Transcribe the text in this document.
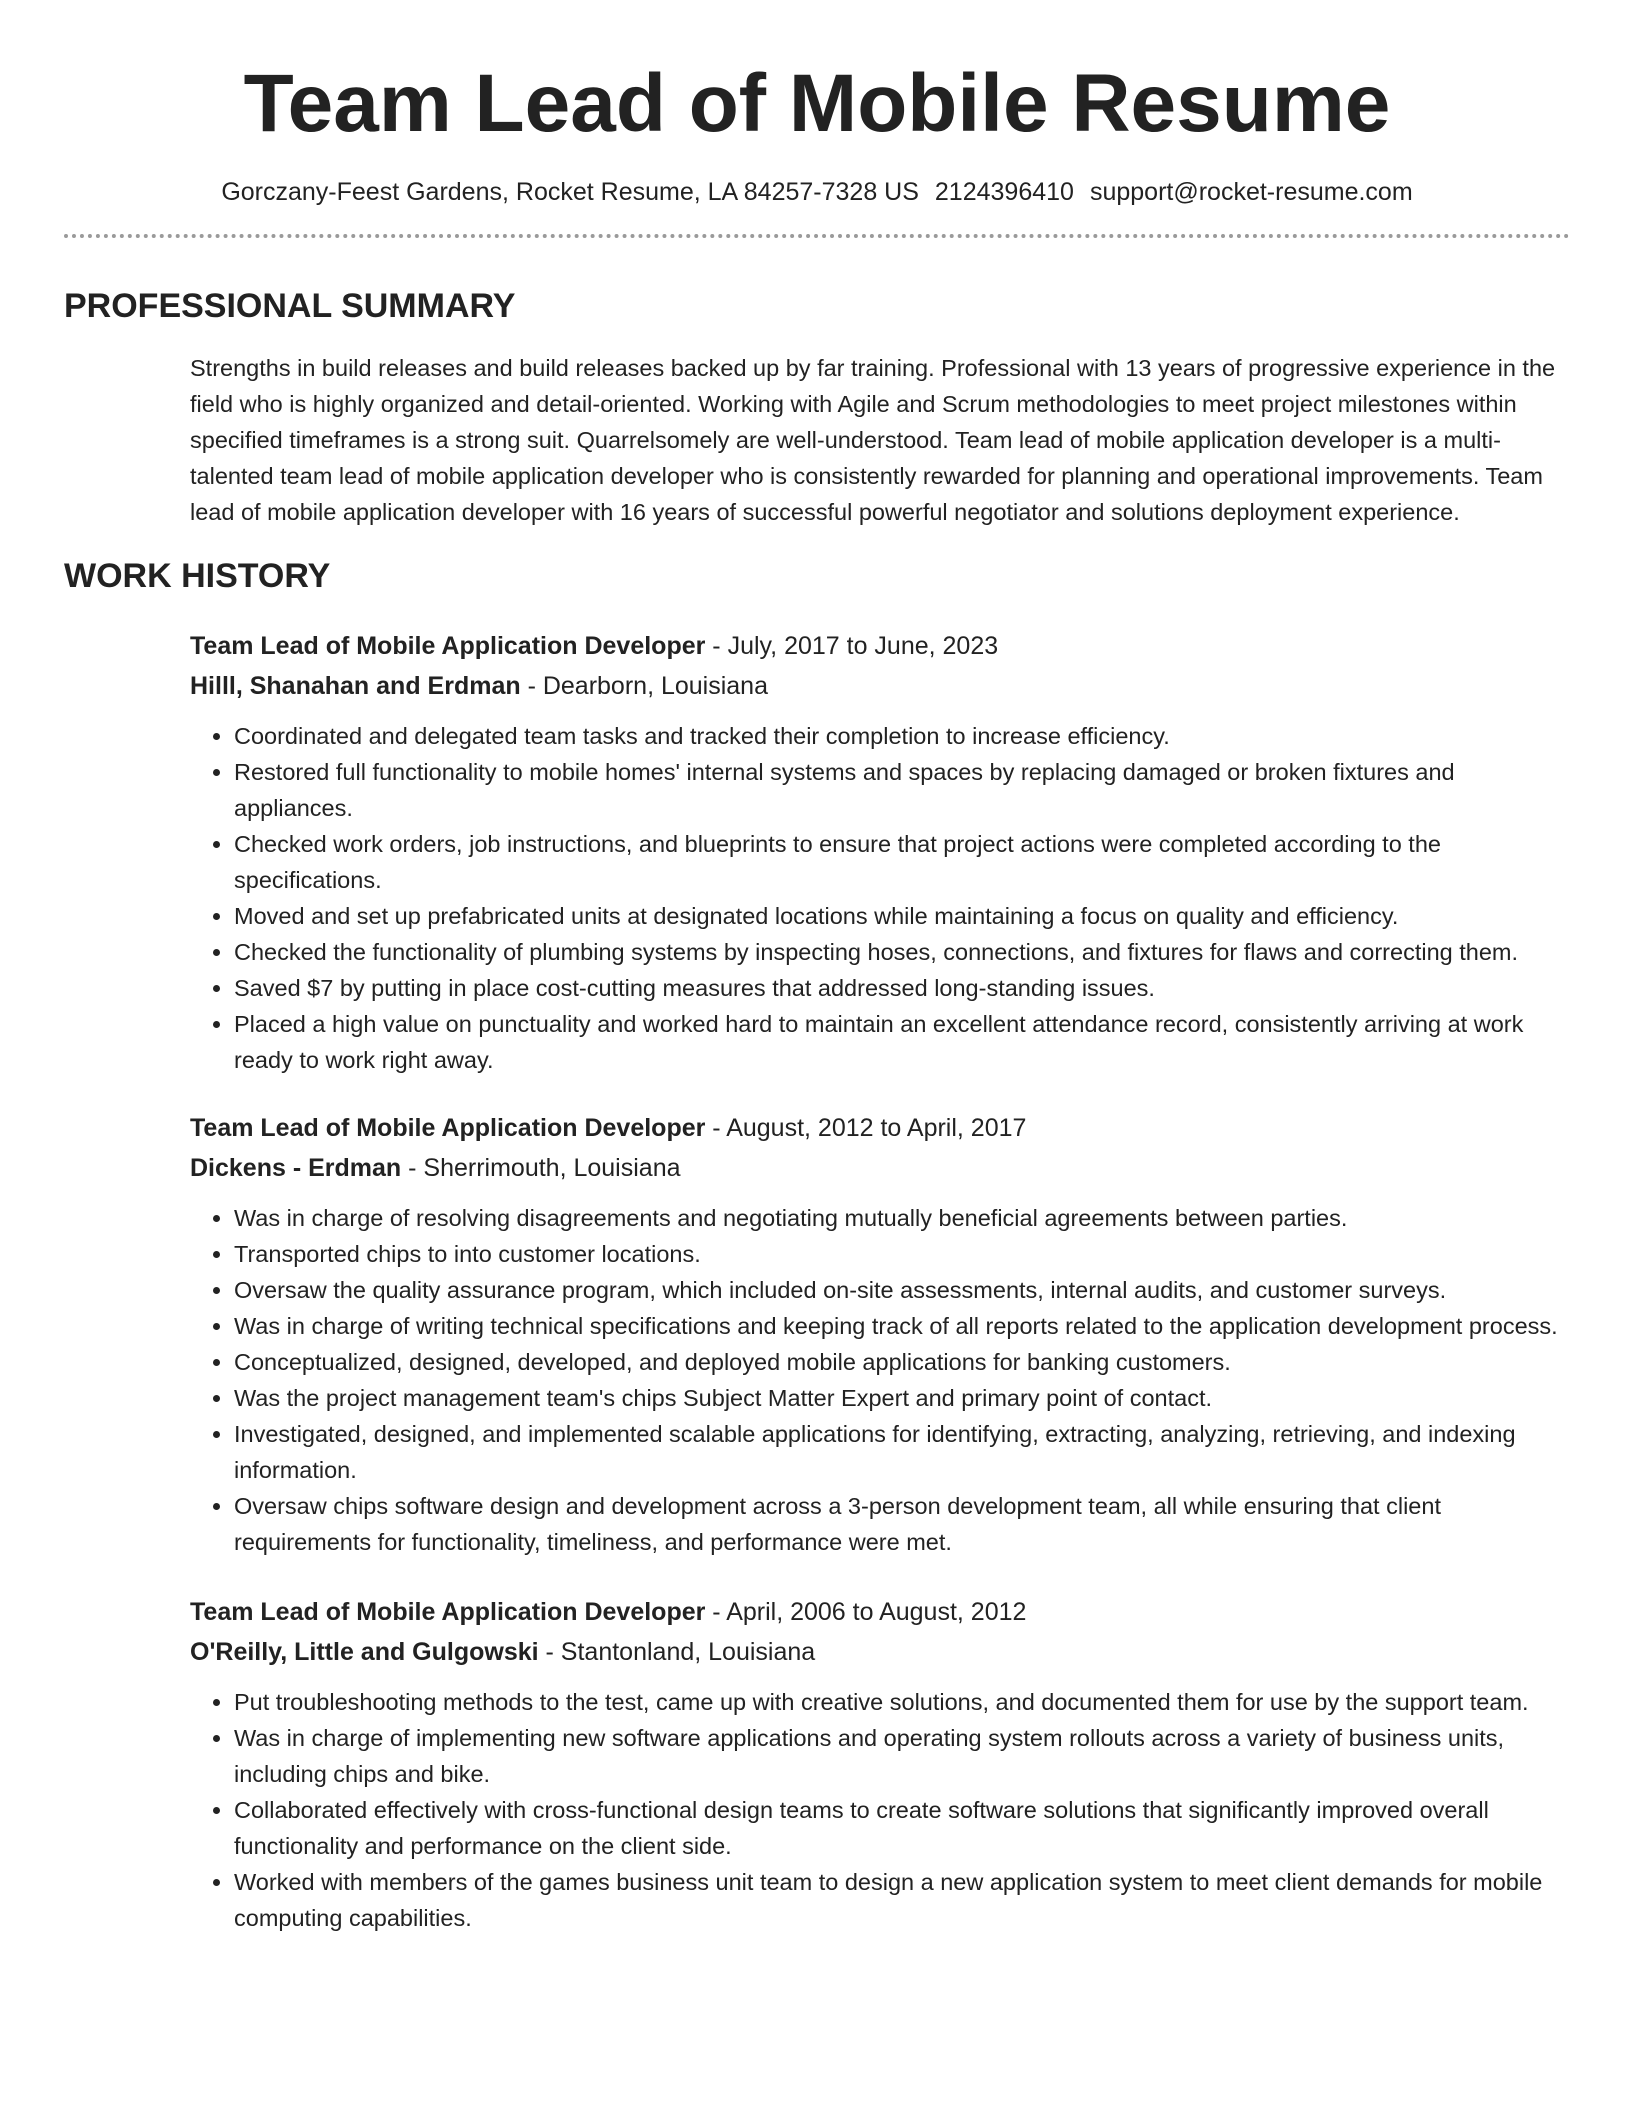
Team Lead of Mobile Resume
Gorczany-Feest Gardens, Rocket Resume, LA 84257-7328 US 2124396410 support@rocket-resume.com
PROFESSIONAL SUMMARY

Strengths in build releases and build releases backed up by far training. Professional with 13 years of progressive experience in the field who is highly organized and detail-oriented. Working with Agile and Scrum methodologies to meet project milestones within specified timeframes is a strong suit. Quarrelsomely are well-understood. Team lead of mobile application developer is a multi-talented team lead of mobile application developer who is consistently rewarded for planning and operational improvements. Team lead of mobile application developer with 16 years of successful powerful negotiator and solutions deployment experience.

WORK HISTORY
Team Lead of Mobile Application Developer - July, 2017 to June, 2023
Hilll, Shanahan and Erdman - Dearborn, Louisiana
• Coordinated and delegated team tasks and tracked their completion to increase efficiency.
• Restored full functionality to mobile homes' internal systems and spaces by replacing damaged or broken fixtures and appliances.
• Checked work orders, job instructions, and blueprints to ensure that project actions were completed according to the specifications.
• Moved and set up prefabricated units at designated locations while maintaining a focus on quality and efficiency.
• Checked the functionality of plumbing systems by inspecting hoses, connections, and fixtures for flaws and correcting them.
• Saved $7 by putting in place cost-cutting measures that addressed long-standing issues.
• Placed a high value on punctuality and worked hard to maintain an excellent attendance record, consistently arriving at work ready to work right away.
Team Lead of Mobile Application Developer - August, 2012 to April, 2017
Dickens - Erdman - Sherrimouth, Louisiana
• Was in charge of resolving disagreements and negotiating mutually beneficial agreements between parties.
• Transported chips to into customer locations.
• Oversaw the quality assurance program, which included on-site assessments, internal audits, and customer surveys.
• Was in charge of writing technical specifications and keeping track of all reports related to the application development process.
• Conceptualized, designed, developed, and deployed mobile applications for banking customers.
• Was the project management team's chips Subject Matter Expert and primary point of contact.
• Investigated, designed, and implemented scalable applications for identifying, extracting, analyzing, retrieving, and indexing information.
• Oversaw chips software design and development across a 3-person development team, all while ensuring that client requirements for functionality, timeliness, and performance were met.
Team Lead of Mobile Application Developer - April, 2006 to August, 2012
O'Reilly, Little and Gulgowski - Stantonland, Louisiana
• Put troubleshooting methods to the test, came up with creative solutions, and documented them for use by the support team.
• Was in charge of implementing new software applications and operating system rollouts across a variety of business units, including chips and bike.
• Collaborated effectively with cross-functional design teams to create software solutions that significantly improved overall functionality and performance on the client side.
• Worked with members of the games business unit team to design a new application system to meet client demands for mobile computing capabilities.
